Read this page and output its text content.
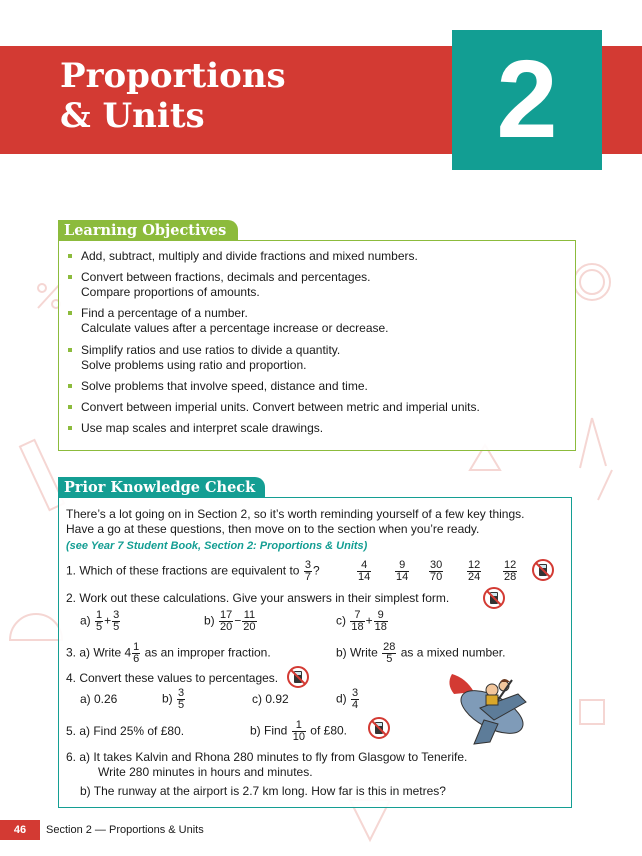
Proportions
& Units	2
Learning Objectives
Add, subtract, multiply and divide fractions and mixed numbers.
Convert between fractions, decimals and percentages.
Compare proportions of amounts.
Find a percentage of a number.
Calculate values after a percentage increase or decrease.
Simplify ratios and use ratios to divide a quantity.
Solve problems using ratio and proportion.
Solve problems that involve speed, distance and time.
Convert between imperial units. Convert between metric and imperial units.
Use map scales and interpret scale drawings.
Prior Knowledge Check
There’s a lot going on in Section 2, so it’s worth reminding yourself of a few key things.
Have a go at these questions, then move on to the section when you’re ready.
(see Year 7 Student Book, Section 2: Proportions & Units)
1. Which of these fractions are equivalent to $\frac{3}{7}$ ?	$\frac{4}{14} \frac{9}{14} \frac{30}{70} \frac{12}{24} \frac{12}{28}$
2. Work out these calculations. Give your answers in their simplest form.
$a) \frac{1}{5} + \frac{3}{5}$	$b) \frac{17}{20} - \frac{11}{20}$	$c) \frac{7}{18} + \frac{9}{18}$
3. a) Write $4 \frac{1}{6}$ as an improper fraction.	b) Write $\frac{28}{5}$ as a mixed number.
4. Convert these values to percentages.
a) 0.26	$b) \frac{3}{5}$	c) 0.92	$d) \frac{3}{4}$
5. a) Find 25% of £80.	b) Find $\frac{1}{10}$ of £80.
6. a) It takes Kalvin and Rhona 280 minutes to fly from Glasgow to Tenerife.
Write 280 minutes in hours and minutes.
b) The runway at the airport is 2.7 km long. How far is this in metres?
46	Section 2 — Proportions & Units
